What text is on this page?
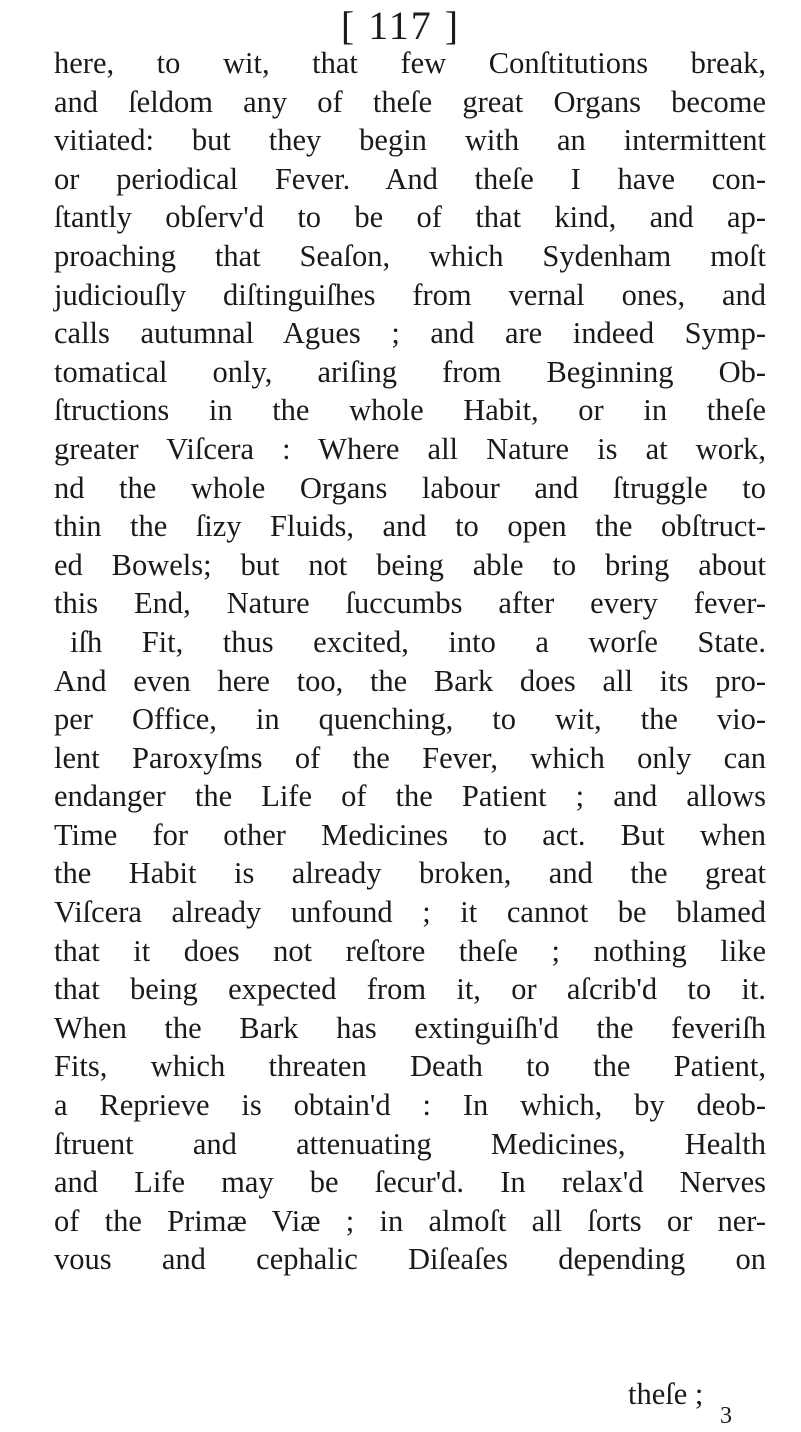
[ 117 ]
here, to wit, that few Conſtitutions break,
and ſeldom any of theſe great Organs become
vitiated: but they begin with an intermittent
or periodical Fever. And theſe I have con-
ſtantly obſerv'd to be of that kind, and ap-
proaching that Seaſon, which Sydenham moſt
judiciouſly diſtinguiſhes from vernal ones, and
calls autumnal Agues ; and are indeed Symp-
tomatical only, ariſing from Beginning Ob-
ſtructions in the whole Habit, or in theſe
greater Viſcera : Where all Nature is at work,
nd the whole Organs labour and ſtruggle to
thin the ſizy Fluids, and to open the obſtruct-
ed Bowels; but not being able to bring about
this End, Nature ſuccumbs after every fever-
iſh Fit, thus excited, into a worſe State.
And even here too, the Bark does all its pro-
per Office, in quenching, to wit, the vio-
lent Paroxyſms of the Fever, which only can
endanger the Life of the Patient ; and allows
Time for other Medicines to act. But when
the Habit is already broken, and the great
Viſcera already unfound ; it cannot be blamed
that it does not reſtore theſe ; nothing like
that being expected from it, or aſcrib'd to it.
When the Bark has extinguiſh'd the feveriſh
Fits, which threaten Death to the Patient,
a Reprieve is obtain'd : In which, by deob-
ſtruent and attenuating Medicines, Health
and Life may be ſecur'd. In relax'd Nerves
of the Primæ Viæ ; in almoſt all ſorts or ner-
vous and cephalic Diſeaſes depending on
theſe ;
3
